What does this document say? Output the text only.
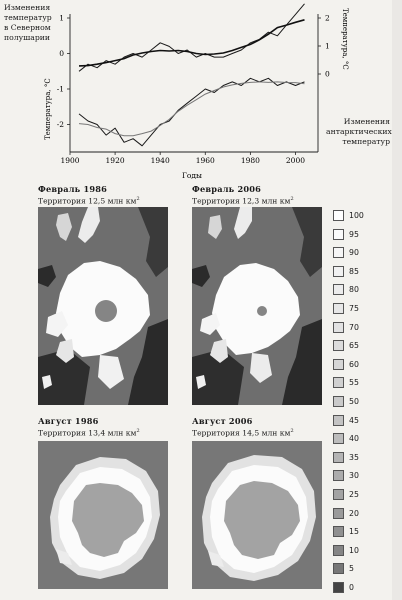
1
0
-1
-2
2
1
0
1900	1920	1940	1960	1980	2000
Годы
Температура, °C
Температура, °C
Изменения температур в Северном полушарии
Изменения антарктических температур
Февраль 1986
Территория 12,5 млн $км^2$
Февраль 2006
Территория 12,3 млн $км^2$
Август 1986
Территория 13,4 млн $км^2$
Август 2006
Территория 14,5 млн $км^2$
100
95
90
85
80
75
70
65
60
55
50
45
40
35
30
25
20
15
10
5
0
